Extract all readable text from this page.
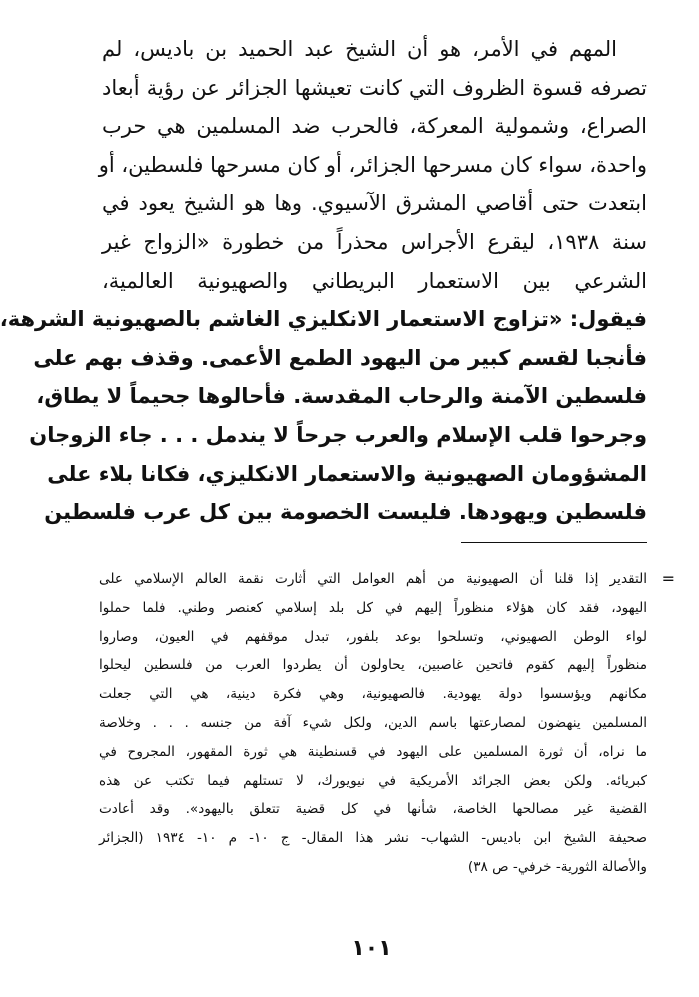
المهم في الأمر، هو أن الشيخ عبد الحميد بن باديس، لم
تصرفه قسوة الظروف التي كانت تعيشها الجزائر عن رؤية أبعاد
الصراع، وشمولية المعركة، فالحرب ضد المسلمين هي حرب
واحدة، سواء كان مسرحها الجزائر، أو كان مسرحها فلسطين، أو
ابتعدت حتى أقاصي المشرق الآسيوي. وها هو الشيخ يعود في
سنة ١٩٣٨، ليقرع الأجراس محذراً من خطورة «الزواج غير
الشرعي بين الاستعمار البريطاني والصهيونية العالمية،
فيقول: «تزاوج الاستعمار الانكليزي الغاشم بالصهيونية الشرهة،
فأنجبا لقسم كبير من اليهود الطمع الأعمى. وقذف بهم على
فلسطين الآمنة والرحاب المقدسة. فأحالوها جحيماً لا يطاق،
وجرحوا قلب الإسلام والعرب جرحاً لا يندمل . . . جاء الزوجان
المشؤومان الصهيونية والاستعمار الانكليزي، فكانا بلاء على
فلسطين ويهودها. فليست الخصومة بين كل عرب فلسطين
=
التقدير إذا قلنا أن الصهيونية من أهم العوامل التي أثارت نقمة العالم الإسلامي على
اليهود، فقد كان هؤلاء منظوراً إليهم في كل بلد إسلامي كعنصر وطني. فلما حملوا
لواء الوطن الصهيوني، وتسلحوا بوعد بلفور، تبدل موقفهم في العيون، وصاروا
منظوراً إليهم كقوم فاتحين غاصبين، يحاولون أن يطردوا العرب من فلسطين ليحلوا
مكانهم ويؤسسوا دولة يهودية. فالصهيونية، وهي فكرة دينية، هي التي جعلت
المسلمين ينهضون لمصارعتها باسم الدين، ولكل شيء آفة من جنسه . . . وخلاصة
ما نراه، أن ثورة المسلمين على اليهود في قسنطينة هي ثورة المقهور، المجروح في
كبريائه. ولكن بعض الجرائد الأمريكية في نيويورك، لا تستلهم فيما تكتب عن هذه
القضية غير مصالحها الخاصة، شأنها في كل قضية تتعلق باليهود». وقد أعادت
صحيفة الشيخ ابن باديس- الشهاب- نشر هذا المقال- ج ١٠- م ١٠- ١٩٣٤ (الجزائر
والأصالة الثورية- خرفي- ص ٣٨)
١٠١
